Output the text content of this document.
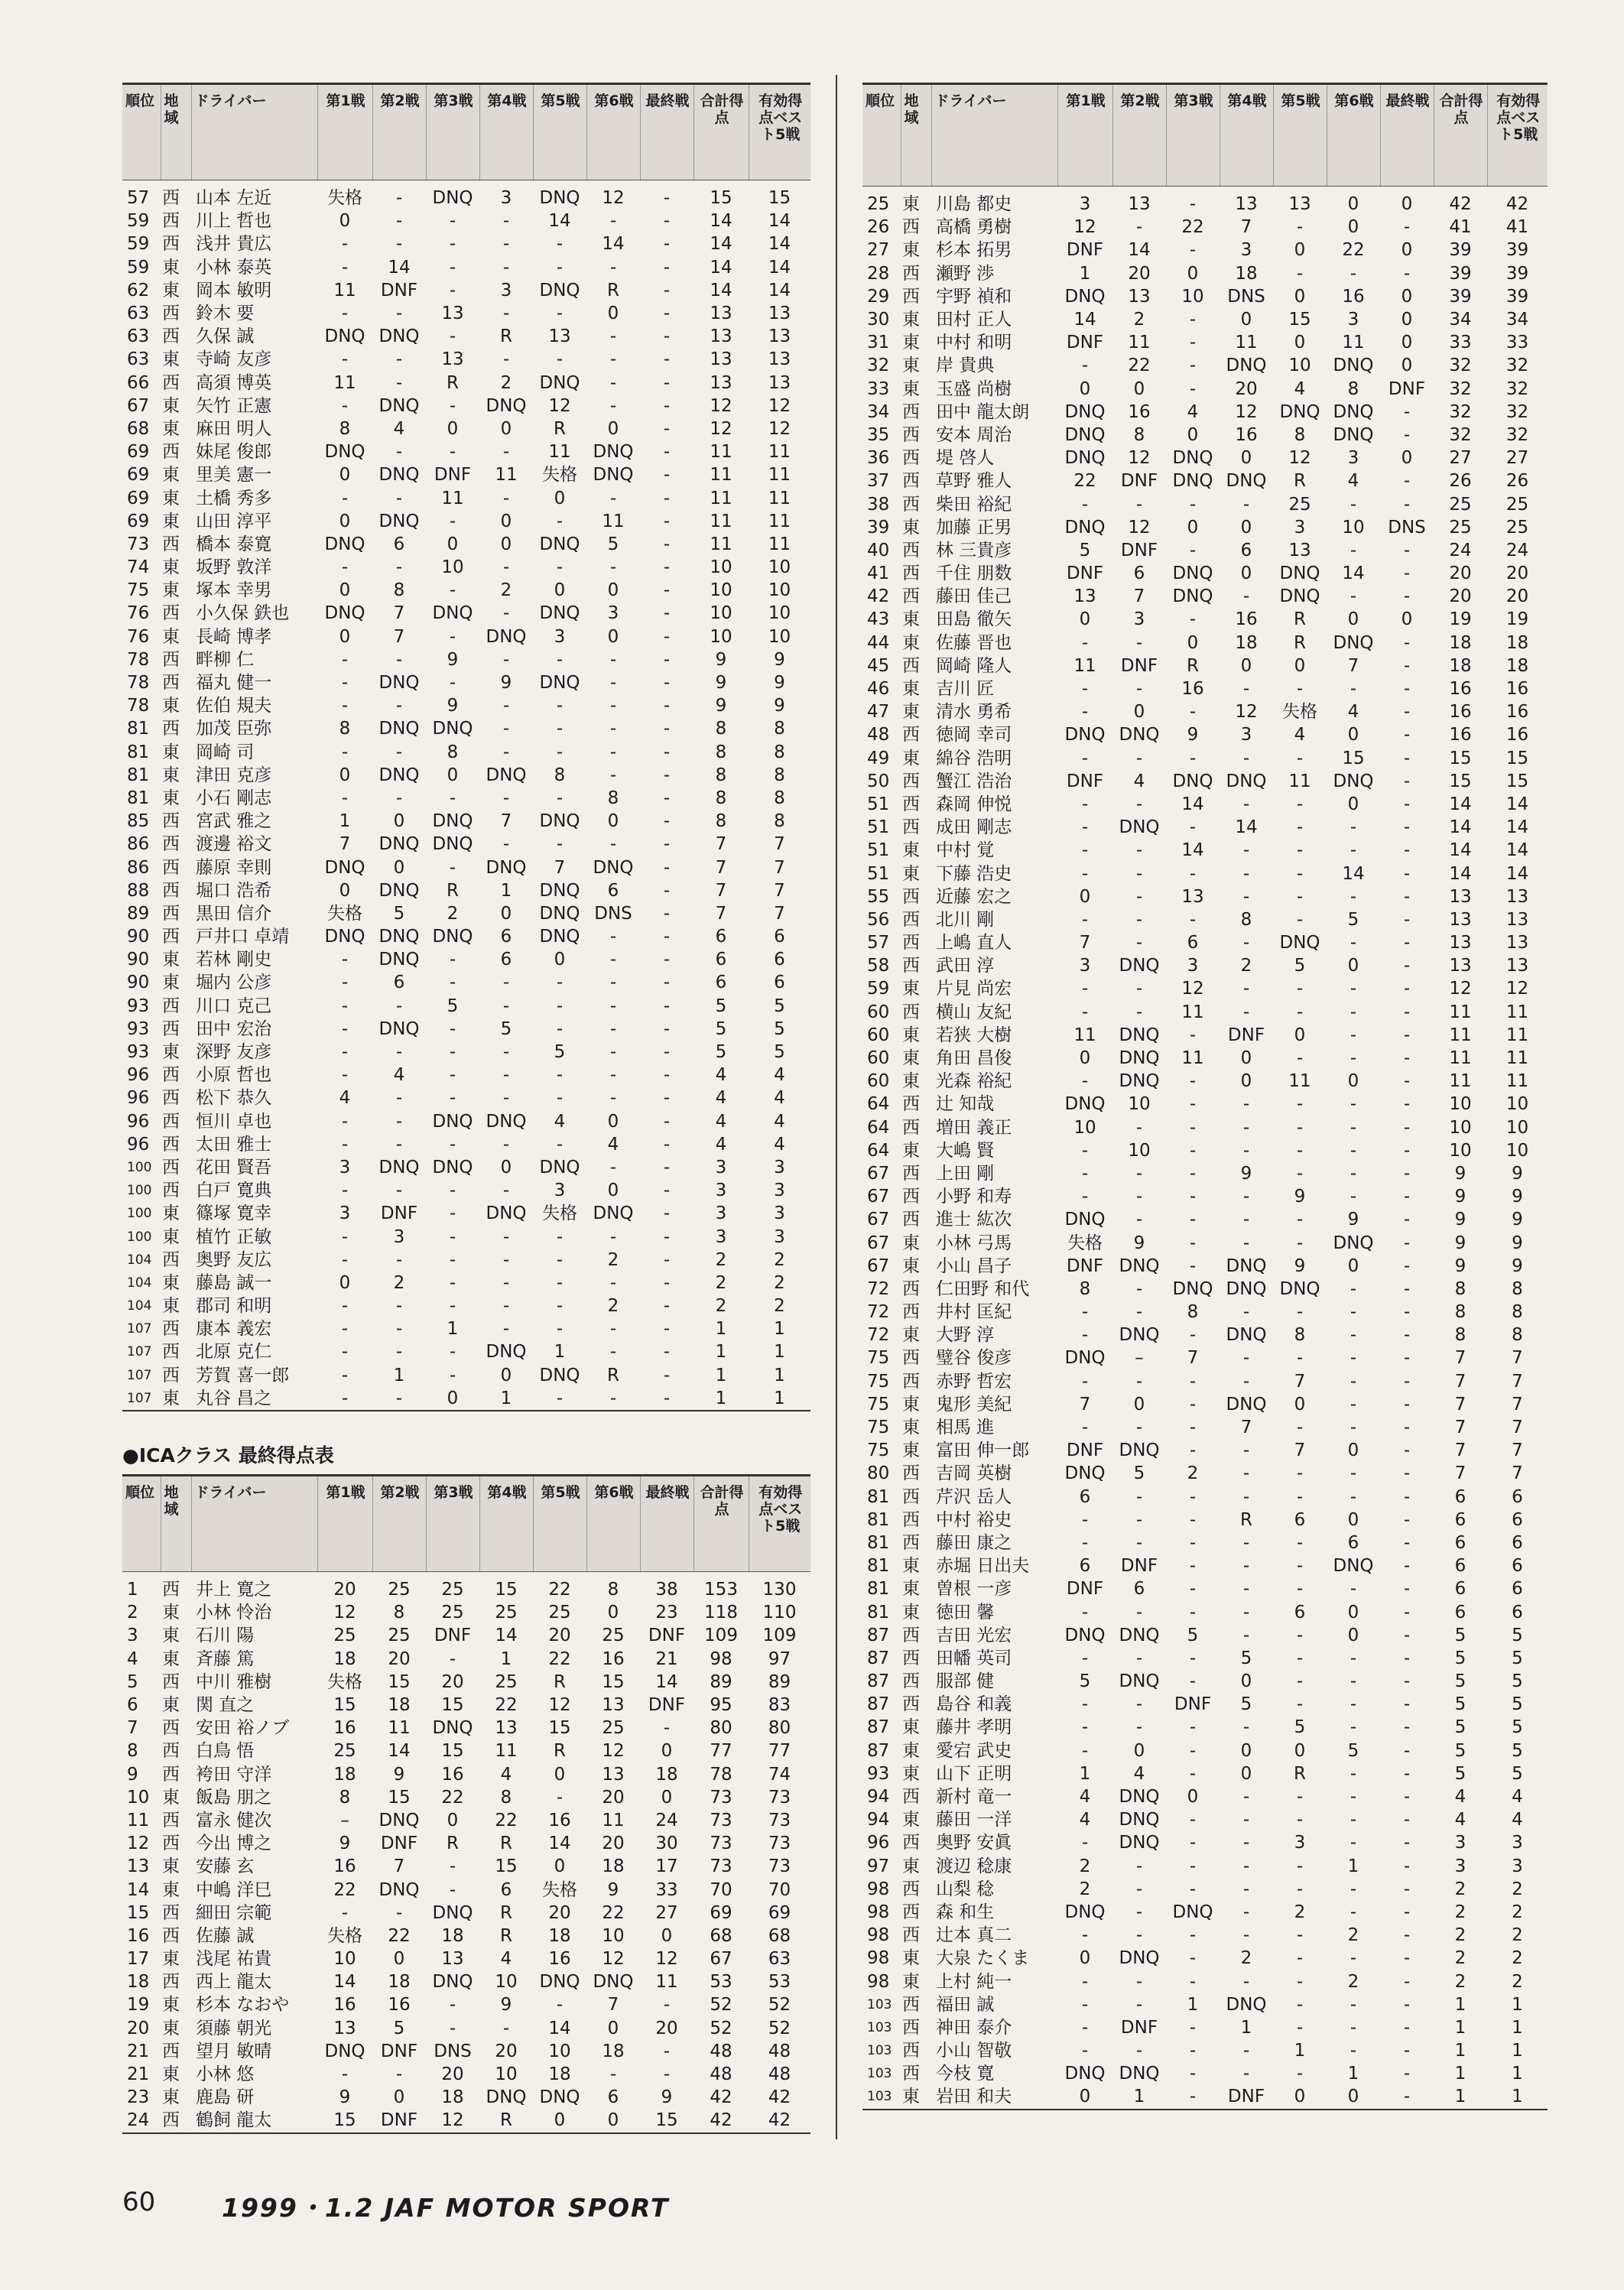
順位	地域	ドライバー	第1戦	第2戦	第3戦	第4戦	第5戦	第6戦	最終戦	合計得点	有効得点ベスト5戦
57	西	山本 左近	失格	-	DNQ	3	DNQ	12	-	15	15
59	西	川上 哲也	0	-	-	-	14	-	-	14	14
59	西	浅井 貴広	-	-	-	-	-	14	-	14	14
59	東	小林 泰英	-	14	-	-	-	-	-	14	14
62	東	岡本 敏明	11	DNF	-	3	DNQ	R	-	14	14
63	西	鈴木 要	-	-	13	-	-	0	-	13	13
63	西	久保 誠	DNQ	DNQ	-	R	13	-	-	13	13
63	東	寺崎 友彦	-	-	13	-	-	-	-	13	13
66	西	高須 博英	11	-	R	2	DNQ	-	-	13	13
67	東	矢竹 正憲	-	DNQ	-	DNQ	12	-	-	12	12
68	東	麻田 明人	8	4	0	0	R	0	-	12	12
69	西	妹尾 俊郎	DNQ	-	-	-	11	DNQ	-	11	11
69	東	里美 憲一	0	DNQ	DNF	11	失格	DNQ	-	11	11
69	東	土橋 秀多	-	-	11	-	0	-	-	11	11
69	東	山田 淳平	0	DNQ	-	0	-	11	-	11	11
73	西	橋本 泰寛	DNQ	6	0	0	DNQ	5	-	11	11
74	東	坂野 敦洋	-	-	10	-	-	-	-	10	10
75	東	塚本 幸男	0	8	-	2	0	0	-	10	10
76	西	小久保 鉄也	DNQ	7	DNQ	-	DNQ	3	-	10	10
76	東	長崎 博孝	0	7	-	DNQ	3	0	-	10	10
78	西	畔柳 仁	-	-	9	-	-	-	-	9	9
78	西	福丸 健一	-	DNQ	-	9	DNQ	-	-	9	9
78	東	佐伯 規夫	-	-	9	-	-	-	-	9	9
81	西	加茂 臣弥	8	DNQ	DNQ	-	-	-	-	8	8
81	東	岡崎 司	-	-	8	-	-	-	-	8	8
81	東	津田 克彦	0	DNQ	0	DNQ	8	-	-	8	8
81	東	小石 剛志	-	-	-	-	-	8	-	8	8
85	西	宮武 雅之	1	0	DNQ	7	DNQ	0	-	8	8
86	西	渡邊 裕文	7	DNQ	DNQ	-	-	-	-	7	7
86	西	藤原 幸則	DNQ	0	-	DNQ	7	DNQ	-	7	7
88	西	堀口 浩希	0	DNQ	R	1	DNQ	6	-	7	7
89	西	黒田 信介	失格	5	2	0	DNQ	DNS	-	7	7
90	西	戸井口 卓靖	DNQ	DNQ	DNQ	6	DNQ	-	-	6	6
90	東	若林 剛史	-	DNQ	-	6	0	-	-	6	6
90	東	堀内 公彦	-	6	-	-	-	-	-	6	6
93	西	川口 克己	-	-	5	-	-	-	-	5	5
93	西	田中 宏治	-	DNQ	-	5	-	-	-	5	5
93	東	深野 友彦	-	-	-	-	5	-	-	5	5
96	西	小原 哲也	-	4	-	-	-	-	-	4	4
96	西	松下 恭久	4	-	-	-	-	-	-	4	4
96	西	恒川 卓也	-	-	DNQ	DNQ	4	0	-	4	4
96	西	太田 雅士	-	-	-	-	-	4	-	4	4
100	西	花田 賢吾	3	DNQ	DNQ	0	DNQ	-	-	3	3
100	西	白戸 寛典	-	-	-	-	3	0	-	3	3
100	東	篠塚 寛幸	3	DNF	-	DNQ	失格	DNQ	-	3	3
100	東	植竹 正敏	-	3	-	-	-	-	-	3	3
104	西	奥野 友広	-	-	-	-	-	2	-	2	2
104	東	藤島 誠一	0	2	-	-	-	-	-	2	2
104	東	郡司 和明	-	-	-	-	-	2	-	2	2
107	西	康本 義宏	-	-	1	-	-	-	-	1	1
107	西	北原 克仁	-	-	-	DNQ	1	-	-	1	1
107	西	芳賀 喜一郎	-	1	-	0	DNQ	R	-	1	1
107	東	丸谷 昌之	-	-	0	1	-	-	-	1	1
●ICAクラス 最終得点表
順位	地域	ドライバー	第1戦	第2戦	第3戦	第4戦	第5戦	第6戦	最終戦	合計得点	有効得点ベスト5戦
1	西	井上 寛之	20	25	25	15	22	8	38	153	130
2	東	小林 怜治	12	8	25	25	25	0	23	118	110
3	東	石川 陽	25	25	DNF	14	20	25	DNF	109	109
4	東	斉藤 篤	18	20	-	1	22	16	21	98	97
5	西	中川 雅樹	失格	15	20	25	R	15	14	89	89
6	東	関 直之	15	18	15	22	12	13	DNF	95	83
7	西	安田 裕ノブ	16	11	DNQ	13	15	25	-	80	80
8	西	白鳥 悟	25	14	15	11	R	12	0	77	77
9	西	袴田 守洋	18	9	16	4	0	13	18	78	74
10	東	飯島 朋之	8	15	22	8	-	20	0	73	73
11	西	富永 健次	–	DNQ	0	22	16	11	24	73	73
12	西	今出 博之	9	DNF	R	R	14	20	30	73	73
13	東	安藤 玄	16	7	-	15	0	18	17	73	73
14	東	中嶋 洋巳	22	DNQ	-	6	失格	9	33	70	70
15	西	細田 宗範	-	-	DNQ	R	20	22	27	69	69
16	西	佐藤 誠	失格	22	18	R	18	10	0	68	68
17	東	浅尾 祐貴	10	0	13	4	16	12	12	67	63
18	西	西上 龍太	14	18	DNQ	10	DNQ	DNQ	11	53	53
19	東	杉本 なおや	16	16	-	9	-	7	-	52	52
20	東	須藤 朝光	13	5	-	-	14	0	20	52	52
21	西	望月 敏晴	DNQ	DNF	DNS	20	10	18	-	48	48
21	東	小林 悠	-	-	20	10	18	-	-	48	48
23	東	鹿島 研	9	0	18	DNQ	DNQ	6	9	42	42
24	西	鶴飼 龍太	15	DNF	12	R	0	0	15	42	42
順位	地域	ドライバー	第1戦	第2戦	第3戦	第4戦	第5戦	第6戦	最終戦	合計得点	有効得点ベスト5戦
25	東	川島 都史	3	13	-	13	13	0	0	42	42
26	西	高橋 勇樹	12	-	22	7	-	0	-	41	41
27	東	杉本 拓男	DNF	14	-	3	0	22	0	39	39
28	西	瀬野 渉	1	20	0	18	-	-	-	39	39
29	西	宇野 禎和	DNQ	13	10	DNS	0	16	0	39	39
30	東	田村 正人	14	2	-	0	15	3	0	34	34
31	東	中村 和明	DNF	11	-	11	0	11	0	33	33
32	東	岸 貴典	-	22	-	DNQ	10	DNQ	0	32	32
33	東	玉盛 尚樹	0	0	-	20	4	8	DNF	32	32
34	西	田中 龍太朗	DNQ	16	4	12	DNQ	DNQ	-	32	32
35	西	安本 周治	DNQ	8	0	16	8	DNQ	-	32	32
36	西	堤 啓人	DNQ	12	DNQ	0	12	3	0	27	27
37	西	草野 雅人	22	DNF	DNQ	DNQ	R	4	-	26	26
38	西	柴田 裕紀	-	-	-	-	25	-	-	25	25
39	東	加藤 正男	DNQ	12	0	0	3	10	DNS	25	25
40	西	林 三貴彦	5	DNF	-	6	13	-	-	24	24
41	西	千住 朋数	DNF	6	DNQ	0	DNQ	14	-	20	20
42	西	藤田 佳己	13	7	DNQ	-	DNQ	-	-	20	20
43	東	田島 徹矢	0	3	-	16	R	0	0	19	19
44	東	佐藤 晋也	-	-	0	18	R	DNQ	-	18	18
45	西	岡崎 隆人	11	DNF	R	0	0	7	-	18	18
46	東	吉川 匠	-	-	16	-	-	-	-	16	16
47	東	清水 勇希	-	0	-	12	失格	4	-	16	16
48	西	徳岡 幸司	DNQ	DNQ	9	3	4	0	-	16	16
49	東	綿谷 浩明	-	-	-	-	-	15	-	15	15
50	西	蟹江 浩治	DNF	4	DNQ	DNQ	11	DNQ	-	15	15
51	西	森岡 伸悦	-	-	14	-	-	0	-	14	14
51	西	成田 剛志	-	DNQ	-	14	-	-	-	14	14
51	東	中村 覚	-	-	14	-	-	-	-	14	14
51	東	下藤 浩史	-	-	-	-	-	14	-	14	14
55	西	近藤 宏之	0	-	13	-	-	-	-	13	13
56	西	北川 剛	-	-	-	8	-	5	-	13	13
57	西	上嶋 直人	7	-	6	-	DNQ	-	-	13	13
58	西	武田 淳	3	DNQ	3	2	5	0	-	13	13
59	東	片見 尚宏	-	-	12	-	-	-	-	12	12
60	西	横山 友紀	-	-	11	-	-	-	-	11	11
60	東	若狭 大樹	11	DNQ	-	DNF	0	-	-	11	11
60	東	角田 昌俊	0	DNQ	11	0	-	-	-	11	11
60	東	光森 裕紀	-	DNQ	-	0	11	0	-	11	11
64	西	辻 知哉	DNQ	10	-	-	-	-	-	10	10
64	西	増田 義正	10	-	-	-	-	-	-	10	10
64	東	大嶋 賢	-	10	-	-	-	-	-	10	10
67	西	上田 剛	-	-	-	9	-	-	-	9	9
67	西	小野 和寿	-	-	-	-	9	-	-	9	9
67	西	進士 紘次	DNQ	-	-	-	-	9	-	9	9
67	東	小林 弓馬	失格	9	-	-	-	DNQ	-	9	9
67	東	小山 昌子	DNF	DNQ	-	DNQ	9	0	-	9	9
72	西	仁田野 和代	8	-	DNQ	DNQ	DNQ	-	-	8	8
72	西	井村 匡紀	-	-	8	-	-	-	-	8	8
72	東	大野 淳	-	DNQ	-	DNQ	8	-	-	8	8
75	西	璧谷 俊彦	DNQ	–	7	-	-	-	-	7	7
75	西	赤野 哲宏	-	-	-	-	7	-	-	7	7
75	東	鬼形 美紀	7	0	-	DNQ	0	-	-	7	7
75	東	相馬 進	-	-	-	7	-	-	-	7	7
75	東	富田 伸一郎	DNF	DNQ	-	-	7	0	-	7	7
80	西	吉岡 英樹	DNQ	5	2	-	-	-	-	7	7
81	西	芹沢 岳人	6	-	-	-	-	-	-	6	6
81	西	中村 裕史	-	-	-	R	6	0	-	6	6
81	西	藤田 康之	-	-	-	-	-	6	-	6	6
81	東	赤堀 日出夫	6	DNF	-	-	-	DNQ	-	6	6
81	東	曽根 一彦	DNF	6	-	-	-	-	-	6	6
81	東	徳田 馨	-	-	-	-	6	0	-	6	6
87	西	吉田 光宏	DNQ	DNQ	5	-	-	0	-	5	5
87	西	田幡 英司	-	-	-	5	-	-	-	5	5
87	西	服部 健	5	DNQ	-	0	-	-	-	5	5
87	西	島谷 和義	-	-	DNF	5	-	-	-	5	5
87	東	藤井 孝明	-	-	-	-	5	-	-	5	5
87	東	愛宕 武史	-	0	-	0	0	5	-	5	5
93	東	山下 正明	1	4	-	0	R	-	-	5	5
94	西	新村 竜一	4	DNQ	0	-	-	-	-	4	4
94	東	藤田 一洋	4	DNQ	-	-	-	-	-	4	4
96	西	奥野 安眞	-	DNQ	-	-	3	-	-	3	3
97	東	渡辺 稔康	2	-	-	-	-	1	-	3	3
98	西	山梨 稔	2	-	-	-	-	-	-	2	2
98	西	森 和生	DNQ	-	DNQ	-	2	-	-	2	2
98	西	辻本 真二	-	-	-	-	-	2	-	2	2
98	東	大泉 たくま	0	DNQ	-	2	-	-	-	2	2
98	東	上村 純一	-	-	-	-	-	2	-	2	2
103	西	福田 誠	-	-	1	DNQ	-	-	-	1	1
103	西	神田 泰介	-	DNF	-	1	-	-	-	1	1
103	西	小山 智敬	-	-	-	-	1	-	-	1	1
103	西	今枝 寛	DNQ	DNQ	-	-	-	1	-	1	1
103	東	岩田 和夫	0	1	-	DNF	0	0	-	1	1
60	1999・1.2 JAF MOTOR SPORT
